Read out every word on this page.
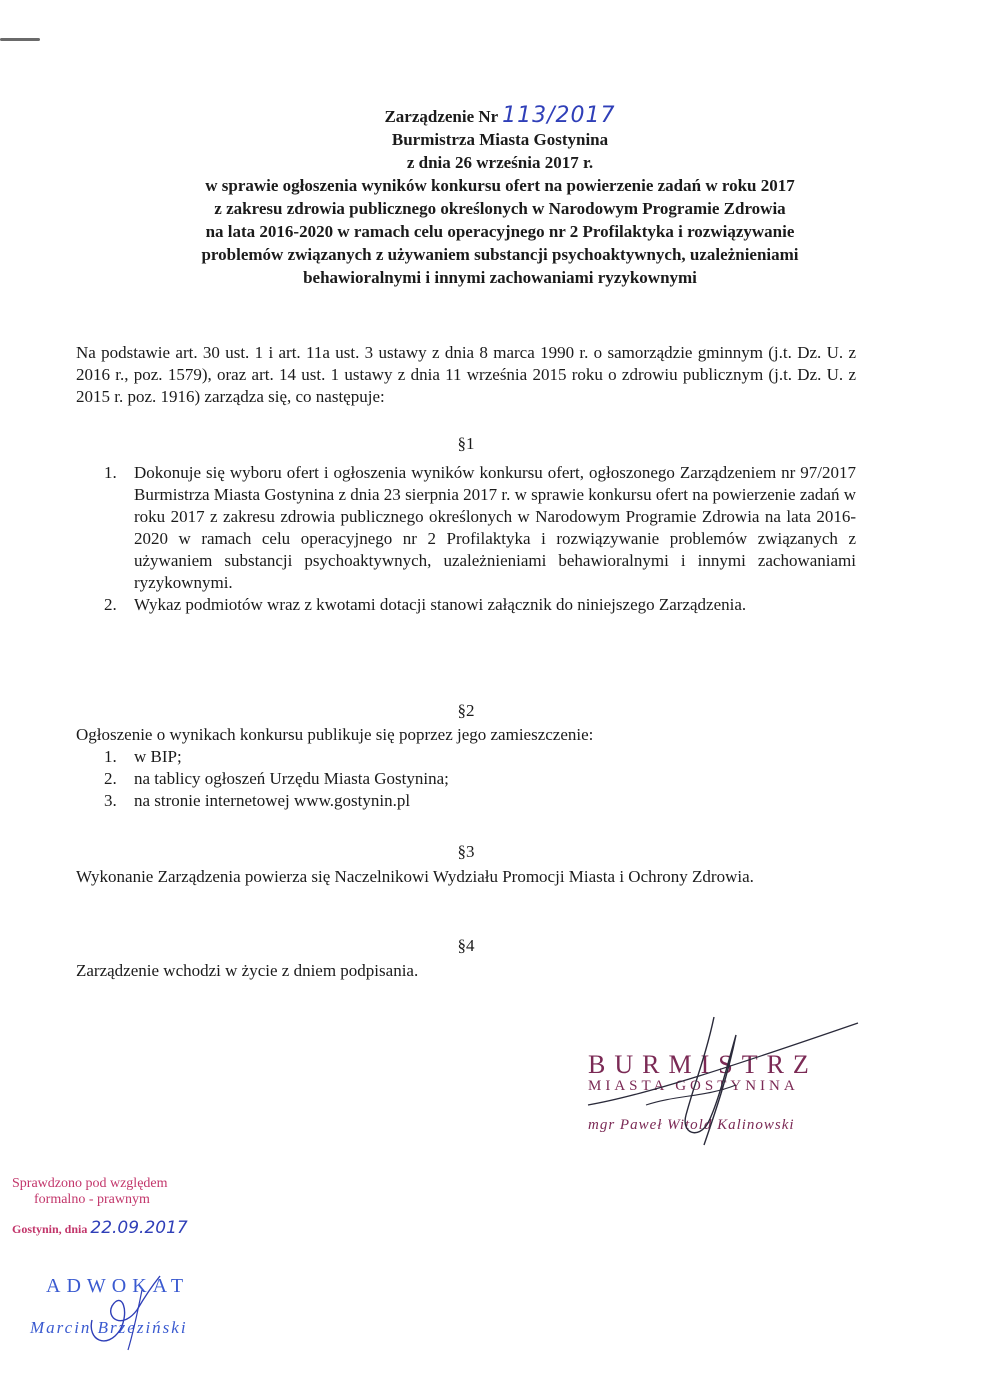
Zarządzenie Nr 113/2017
Burmistrza Miasta Gostynina
z dnia 26 września 2017 r.
w sprawie ogłoszenia wyników konkursu ofert na powierzenie zadań w roku 2017
z zakresu zdrowia publicznego określonych w Narodowym Programie Zdrowia
na lata 2016-2020 w ramach celu operacyjnego nr 2 Profilaktyka i rozwiązywanie
problemów związanych z używaniem substancji psychoaktywnych, uzależnieniami
behawioralnymi i innymi zachowaniami ryzykownymi
Na podstawie art. 30 ust. 1 i art. 11a ust. 3 ustawy z dnia 8 marca 1990 r. o samorządzie gminnym (j.t. Dz. U. z 2016 r., poz. 1579), oraz art. 14 ust. 1 ustawy z dnia 11 września 2015 roku o zdrowiu publicznym (j.t. Dz. U. z 2015 r. poz. 1916) zarządza się, co następuje:
§1
1. Dokonuje się wyboru ofert i ogłoszenia wyników konkursu ofert, ogłoszonego Zarządzeniem nr 97/2017 Burmistrza Miasta Gostynina z dnia 23 sierpnia 2017 r. w sprawie konkursu ofert na powierzenie zadań w roku 2017 z zakresu zdrowia publicznego określonych w Narodowym Programie Zdrowia na lata 2016-2020 w ramach celu operacyjnego nr 2 Profilaktyka i rozwiązywanie problemów związanych z używaniem substancji psychoaktywnych, uzależnieniami behawioralnymi i innymi zachowaniami ryzykownymi.
2. Wykaz podmiotów wraz z kwotami dotacji stanowi załącznik do niniejszego Zarządzenia.
§2
Ogłoszenie o wynikach konkursu publikuje się poprzez jego zamieszczenie:
1. w BIP;
2. na tablicy ogłoszeń Urzędu Miasta Gostynina;
3. na stronie internetowej www.gostynin.pl
§3
Wykonanie Zarządzenia powierza się Naczelnikowi Wydziału Promocji Miasta i Ochrony Zdrowia.
§4
Zarządzenie wchodzi w życie z dniem podpisania.
BURMISTRZ
MIASTA GOSTYNINA
mgr Paweł Witold Kalinowski
Sprawdzono pod względem
formalno - prawnym
Gostynin, dnia 22.09.2017
ADWOKAT
Marcin Brzeziński
